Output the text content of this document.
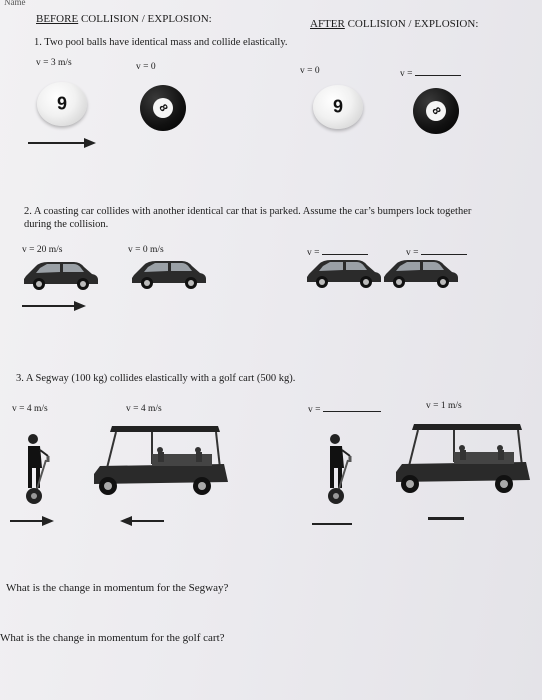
Name
BEFORE COLLISION / EXPLOSION:	AFTER COLLISION / EXPLOSION:
1. Two pool balls have identical mass and collide elastically.
v = 3 m/s	v = 0	v = 0	v =
9	8	9	8
2. A coasting car collides with another identical car that is parked. Assume the car’s bumpers lock together
during the collision.
v = 20 m/s	v = 0 m/s	v =	v =
3. A Segway (100 kg) collides elastically with a golf cart (500 kg).
v = 4 m/s	v = 4 m/s	v =	v = 1 m/s
What is the change in momentum for the Segway?
What is the change in momentum for the golf cart?
